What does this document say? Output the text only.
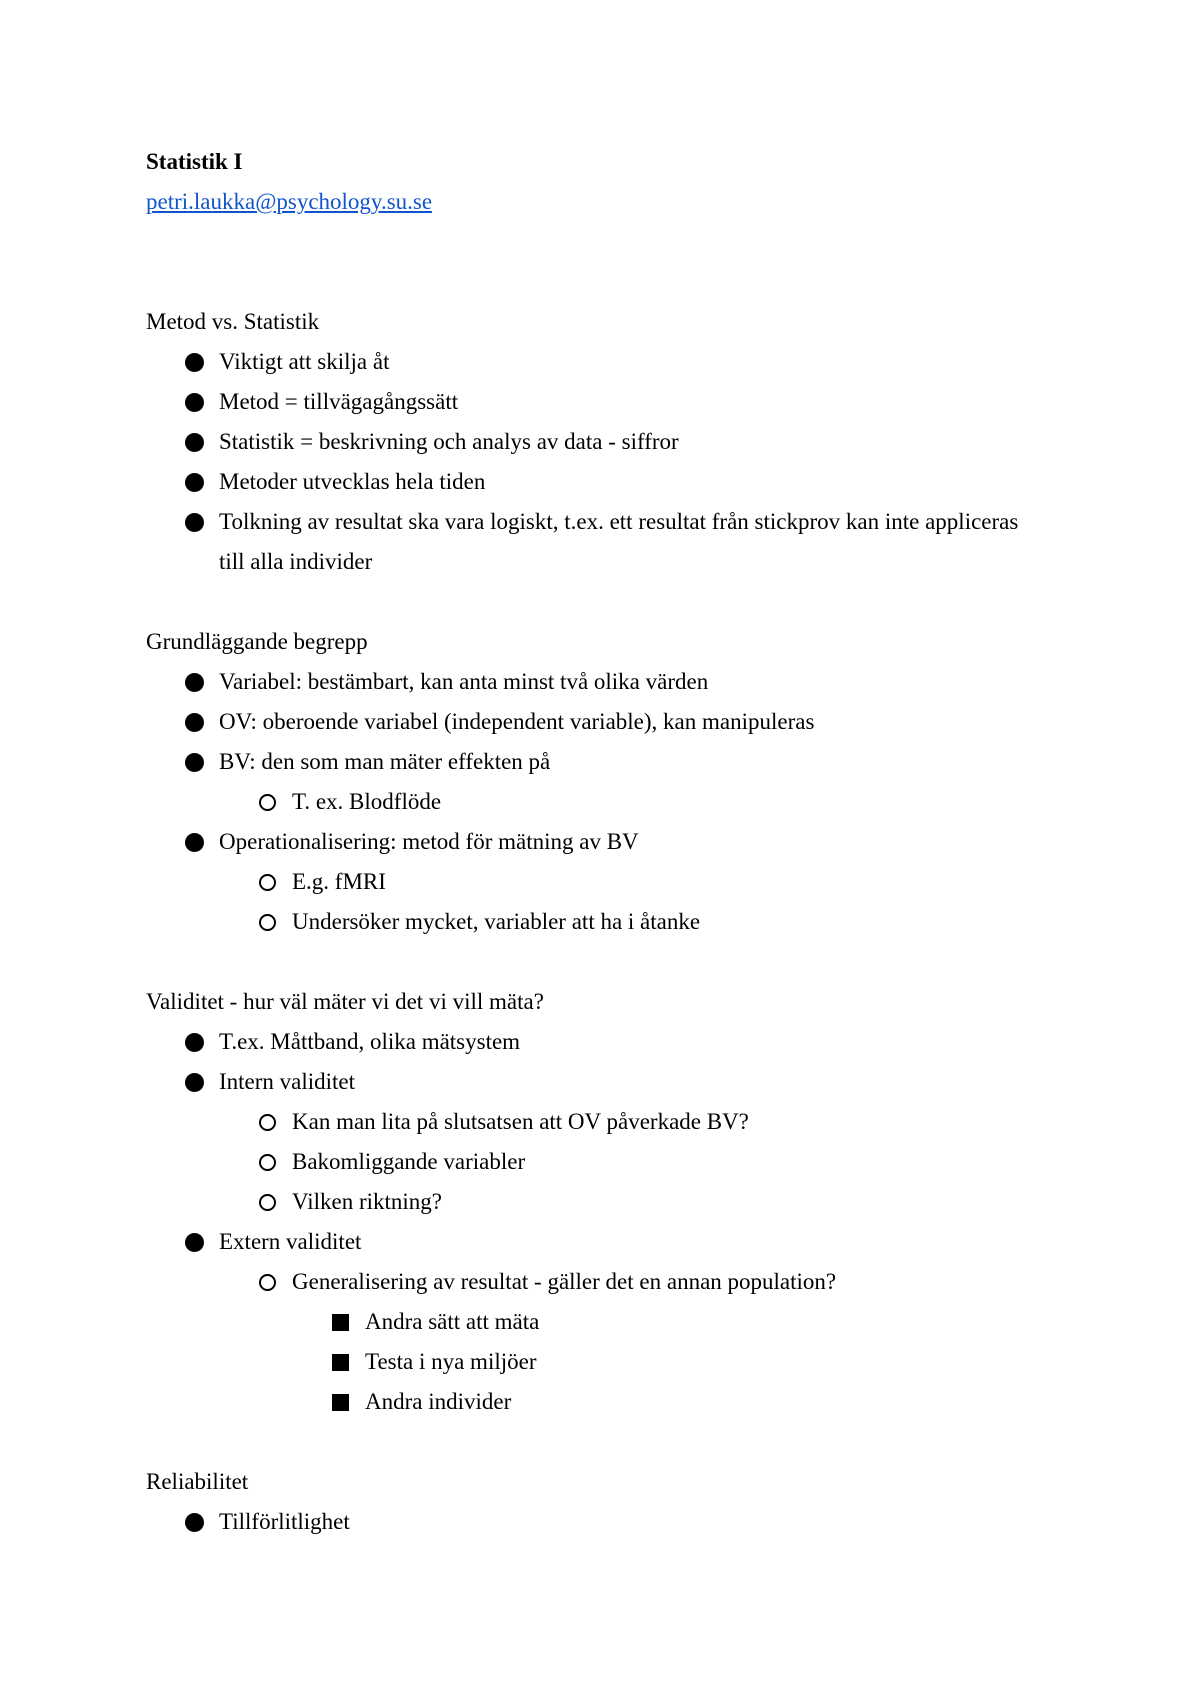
Statistik I
petri.laukka@psychology.su.se
Metod vs. Statistik
Viktigt att skilja åt
Metod = tillvägagångssätt
Statistik = beskrivning och analys av data - siffror
Metoder utvecklas hela tiden
Tolkning av resultat ska vara logiskt, t.ex. ett resultat från stickprov kan inte appliceras till alla individer
Grundläggande begrepp
Variabel: bestämbart, kan anta minst två olika värden
OV: oberoende variabel (independent variable), kan manipuleras
BV: den som man mäter effekten på
T. ex. Blodflöde
Operationalisering: metod för mätning av BV
E.g. fMRI
Undersöker mycket, variabler att ha i åtanke
Validitet - hur väl mäter vi det vi vill mäta?
T.ex. Måttband, olika mätsystem
Intern validitet
Kan man lita på slutsatsen att OV påverkade BV?
Bakomliggande variabler
Vilken riktning?
Extern validitet
Generalisering av resultat - gäller det en annan population?
Andra sätt att mäta
Testa i nya miljöer
Andra individer
Reliabilitet
Tillförlitlighet
